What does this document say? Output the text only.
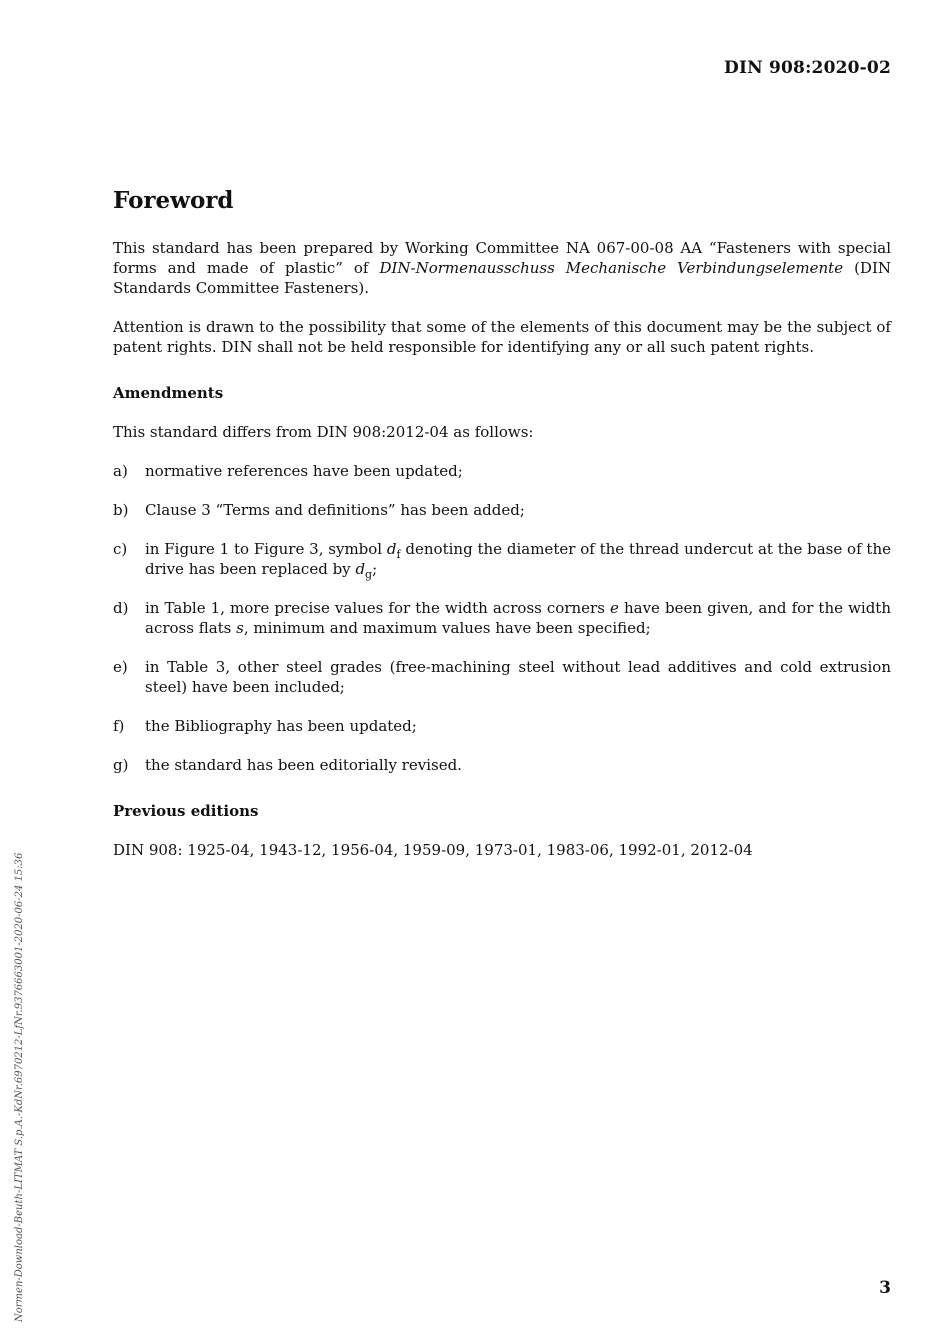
DIN 908:2020-02
Foreword

This standard has been prepared by Working Committee NA 067-00-08 AA “Fasteners with special forms and made of plastic” of DIN-Normenausschuss Mechanische Verbindungselemente (DIN Standards Committee Fasteners).

Attention is drawn to the possibility that some of the elements of this document may be the subject of patent rights. DIN shall not be held responsible for identifying any or all such patent rights.

Amendments

This standard differs from DIN 908:2012-04 as follows:

a)	normative references have been updated;
b)	Clause 3 “Terms and definitions” has been added;
c)	in Figure 1 to Figure 3, symbol $d_f$ denoting the diameter of the thread undercut at the base of the drive has been replaced by $d_g$;
d)	in Table 1, more precise values for the width across corners e have been given, and for the width across flats s, minimum and maximum values have been specified;
e)	in Table 3, other steel grades (free-machining steel without lead additives and cold extrusion steel) have been included;
f)	the Bibliography has been updated;
g)	the standard has been editorially revised.
Previous editions

DIN 908: 1925-04, 1943-12, 1956-04, 1959-09, 1973-01, 1983-06, 1992-01, 2012-04

Normen-Download-Beuth-LITMAT S.p.A.-KdNr.6970212-LfNr.9376663001-2020-06-24 15:36	3
